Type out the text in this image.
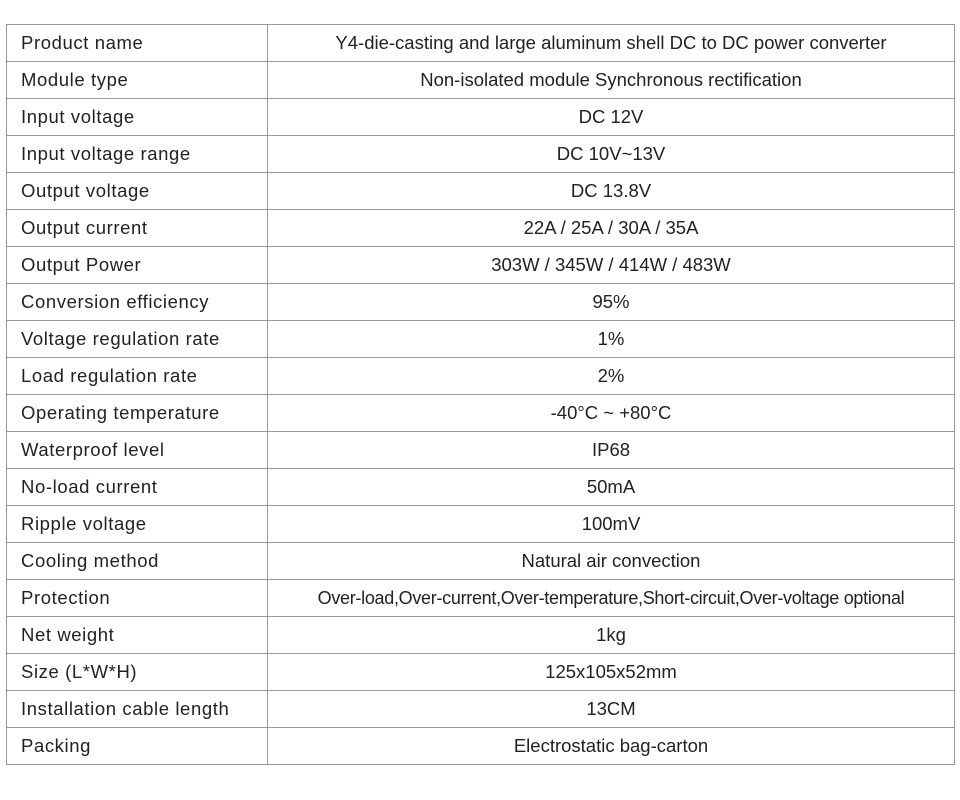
Product name	Y4-die-casting and large aluminum shell DC to DC power converter
Module type	Non-isolated module Synchronous rectification
Input voltage	DC 12V
Input voltage range	DC 10V~13V
Output voltage	DC 13.8V
Output current	22A / 25A / 30A / 35A
Output Power	303W / 345W / 414W / 483W
Conversion efficiency	95%
Voltage regulation rate	1%
Load regulation rate	2%
Operating temperature	-40°C ~ +80°C
Waterproof level	IP68
No-load current	50mA
Ripple voltage	100mV
Cooling method	Natural air convection
Protection	Over-load,Over-current,Over-temperature,Short-circuit,Over-voltage optional
Net weight	1kg
Size (L*W*H)	125x105x52mm
Installation cable length	13CM
Packing	Electrostatic bag-carton
